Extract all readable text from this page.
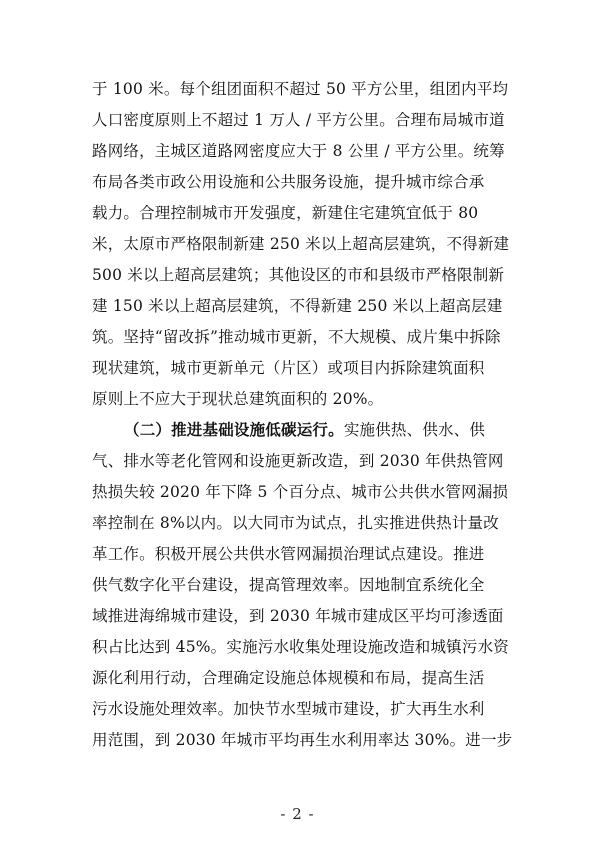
于 100 米。每个组团面积不超过 50 平方公里，组团内平均
人口密度原则上不超过 1 万人 / 平方公里。合理布局城市道
路网络，主城区道路网密度应大于 8 公里 / 平方公里。统筹
布局各类市政公用设施和公共服务设施，提升城市综合承
载力。合理控制城市开发强度，新建住宅建筑宜低于 80
米，太原市严格限制新建 250 米以上超高层建筑，不得新建
500 米以上超高层建筑；其他设区的市和县级市严格限制新
建 150 米以上超高层建筑，不得新建 250 米以上超高层建
筑。坚持“留改拆”推动城市更新，不大规模、成片集中拆除
现状建筑，城市更新单元（片区）或项目内拆除建筑面积
原则上不应大于现状总建筑面积的 20%。
（二）推进基础设施低碳运行。实施供热、供水、供
气、排水等老化管网和设施更新改造，到 2030 年供热管网
热损失较 2020 年下降 5 个百分点、城市公共供水管网漏损
率控制在 8%以内。以大同市为试点，扎实推进供热计量改
革工作。积极开展公共供水管网漏损治理试点建设。推进
供气数字化平台建设，提高管理效率。因地制宜系统化全
域推进海绵城市建设，到 2030 年城市建成区平均可渗透面
积占比达到 45%。实施污水收集处理设施改造和城镇污水资
源化利用行动，合理确定设施总体规模和布局，提高生活
污水设施处理效率。加快节水型城市建设，扩大再生水利
用范围，到 2030 年城市平均再生水利用率达 30%。进一步
- 2 -
